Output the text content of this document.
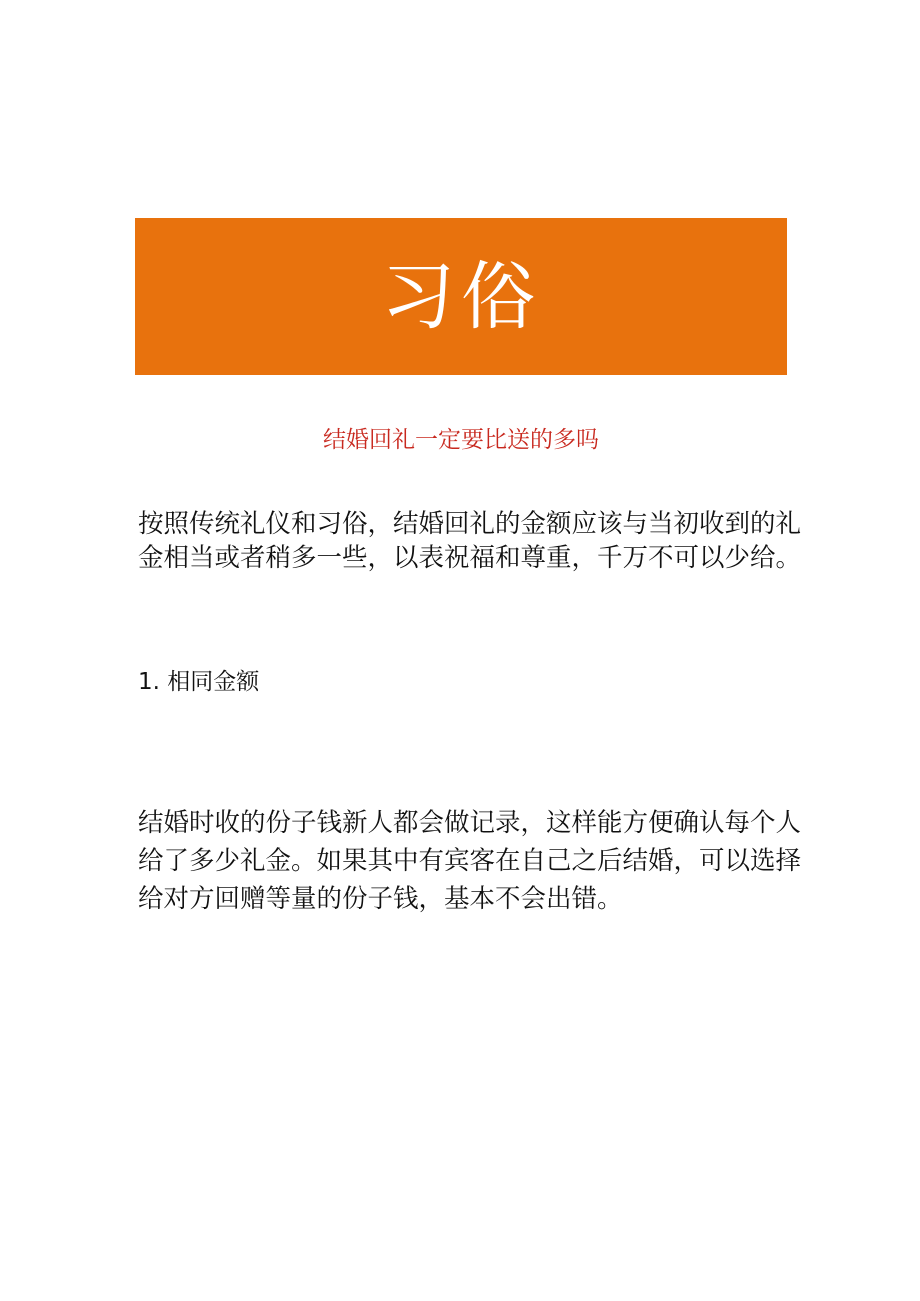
习俗
结婚回礼一定要比送的多吗

按照传统礼仪和习俗，结婚回礼的金额应该与当初收到的礼
金相当或者稍多一些，以表祝福和尊重，千万不可以少给。

1. 相同金额

结婚时收的份子钱新人都会做记录，这样能方便确认每个人
给了多少礼金。如果其中有宾客在自己之后结婚，可以选择
给对方回赠等量的份子钱，基本不会出错。
